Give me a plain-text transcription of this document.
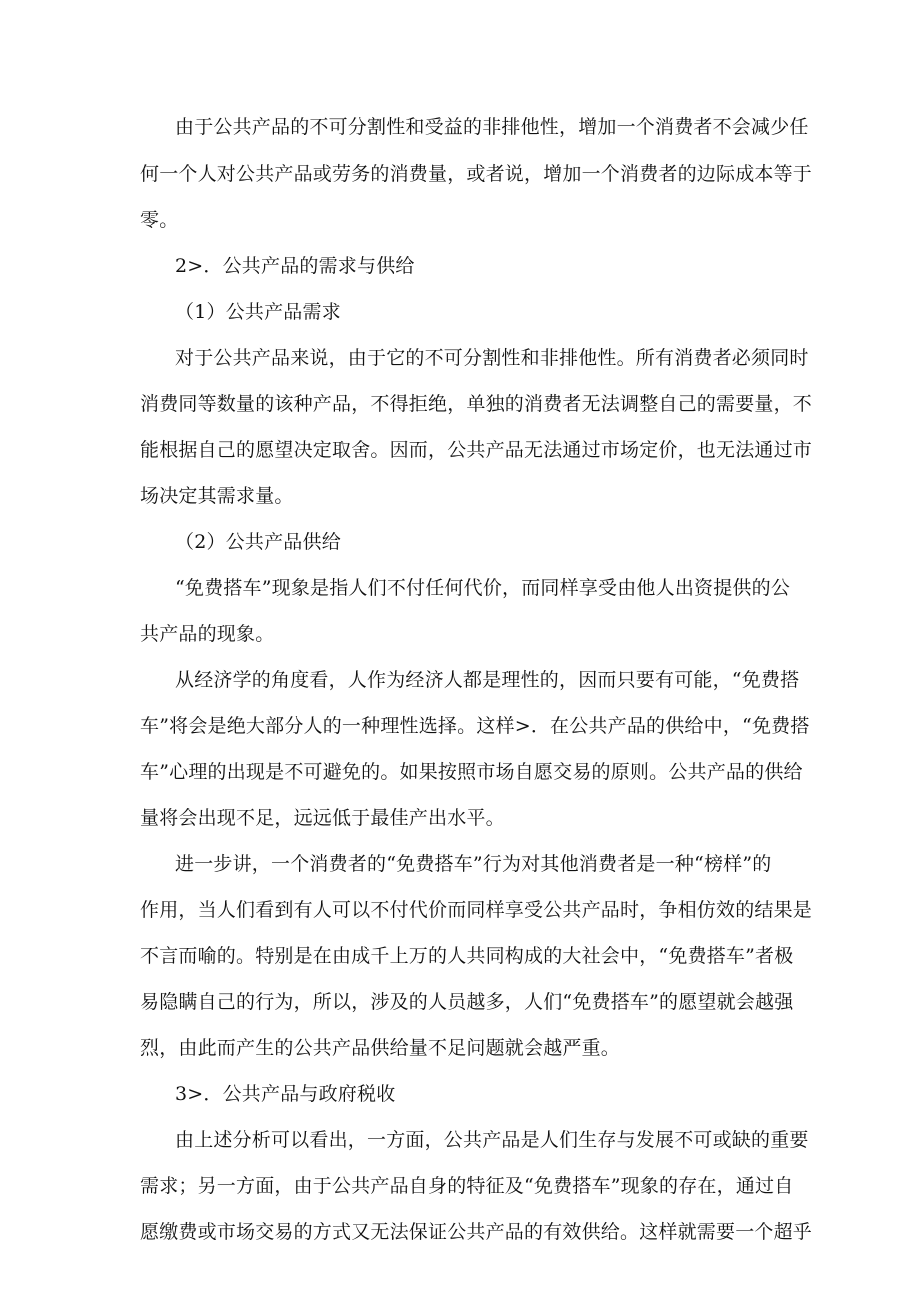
由于公共产品的不可分割性和受益的非排他性，增加一个消费者不会减少任
何一个人对公共产品或劳务的消费量，或者说，增加一个消费者的边际成本等于
零。
2>．公共产品的需求与供给
（1）公共产品需求
对于公共产品来说，由于它的不可分割性和非排他性。所有消费者必须同时
消费同等数量的该种产品，不得拒绝，单独的消费者无法调整自己的需要量，不
能根据自己的愿望决定取舍。因而，公共产品无法通过市场定价，也无法通过市
场决定其需求量。
（2）公共产品供给
“免费搭车”现象是指人们不付任何代价，而同样享受由他人出资提供的公
共产品的现象。
从经济学的角度看，人作为经济人都是理性的，因而只要有可能，“免费搭
车”将会是绝大部分人的一种理性选择。这样>．在公共产品的供给中，“免费搭
车”心理的出现是不可避免的。如果按照市场自愿交易的原则。公共产品的供给
量将会出现不足，远远低于最佳产出水平。
进一步讲，一个消费者的“免费搭车”行为对其他消费者是一种“榜样”的
作用，当人们看到有人可以不付代价而同样享受公共产品时，争相仿效的结果是
不言而喻的。特别是在由成千上万的人共同构成的大社会中，“免费搭车”者极
易隐瞒自己的行为，所以，涉及的人员越多，人们“免费搭车”的愿望就会越强
烈，由此而产生的公共产品供给量不足问题就会越严重。
3>．公共产品与政府税收
由上述分析可以看出，一方面，公共产品是人们生存与发展不可或缺的重要
需求；另一方面，由于公共产品自身的特征及“免费搭车”现象的存在，通过自
愿缴费或市场交易的方式又无法保证公共产品的有效供给。这样就需要一个超乎
